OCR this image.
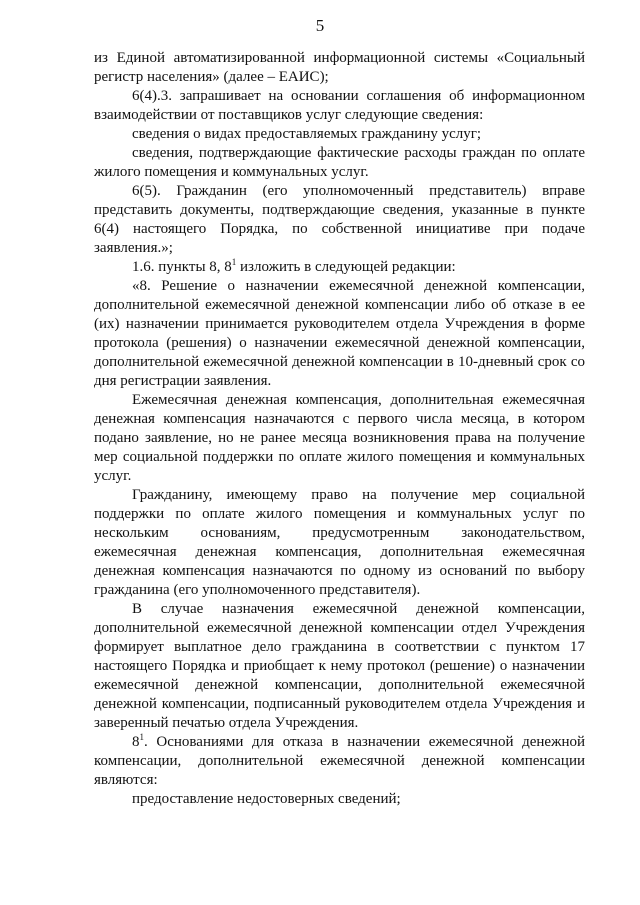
5

из Единой автоматизированной информационной системы «Социальный регистр населения» (далее – ЕАИС);

6(4).3. запрашивает на основании соглашения об информационном взаимодействии от поставщиков услуг следующие сведения:

сведения о видах предоставляемых гражданину услуг;

сведения, подтверждающие фактические расходы граждан по оплате жилого помещения и коммунальных услуг.

6(5). Гражданин (его уполномоченный представитель) вправе представить документы, подтверждающие сведения, указанные в пункте 6(4) настоящего Порядка, по собственной инициативе при подаче заявления.»;

1.6. пункты 8, $8^1$ изложить в следующей редакции:

«8. Решение о назначении ежемесячной денежной компенсации, дополнительной ежемесячной денежной компенсации либо об отказе в ее (их) назначении принимается руководителем отдела Учреждения в форме протокола (решения) о назначении ежемесячной денежной компенсации, дополнительной ежемесячной денежной компенсации в 10-дневный срок со дня регистрации заявления.

Ежемесячная денежная компенсация, дополнительная ежемесячная денежная компенсация назначаются с первого числа месяца, в котором подано заявление, но не ранее месяца возникновения права на получение мер социальной поддержки по оплате жилого помещения и коммунальных услуг.

Гражданину, имеющему право на получение мер социальной поддержки по оплате жилого помещения и коммунальных услуг по нескольким основаниям, предусмотренным законодательством, ежемесячная денежная компенсация, дополнительная ежемесячная денежная компенсация назначаются по одному из оснований по выбору гражданина (его уполномоченного представителя).

В случае назначения ежемесячной денежной компенсации, дополнительной ежемесячной денежной компенсации отдел Учреждения формирует выплатное дело гражданина в соответствии с пунктом 17 настоящего Порядка и приобщает к нему протокол (решение) о назначении ежемесячной денежной компенсации, дополнительной ежемесячной денежной компенсации, подписанный руководителем отдела Учреждения и заверенный печатью отдела Учреждения.

$8^1$. Основаниями для отказа в назначении ежемесячной денежной компенсации, дополнительной ежемесячной денежной компенсации являются:

предоставление недостоверных сведений;
